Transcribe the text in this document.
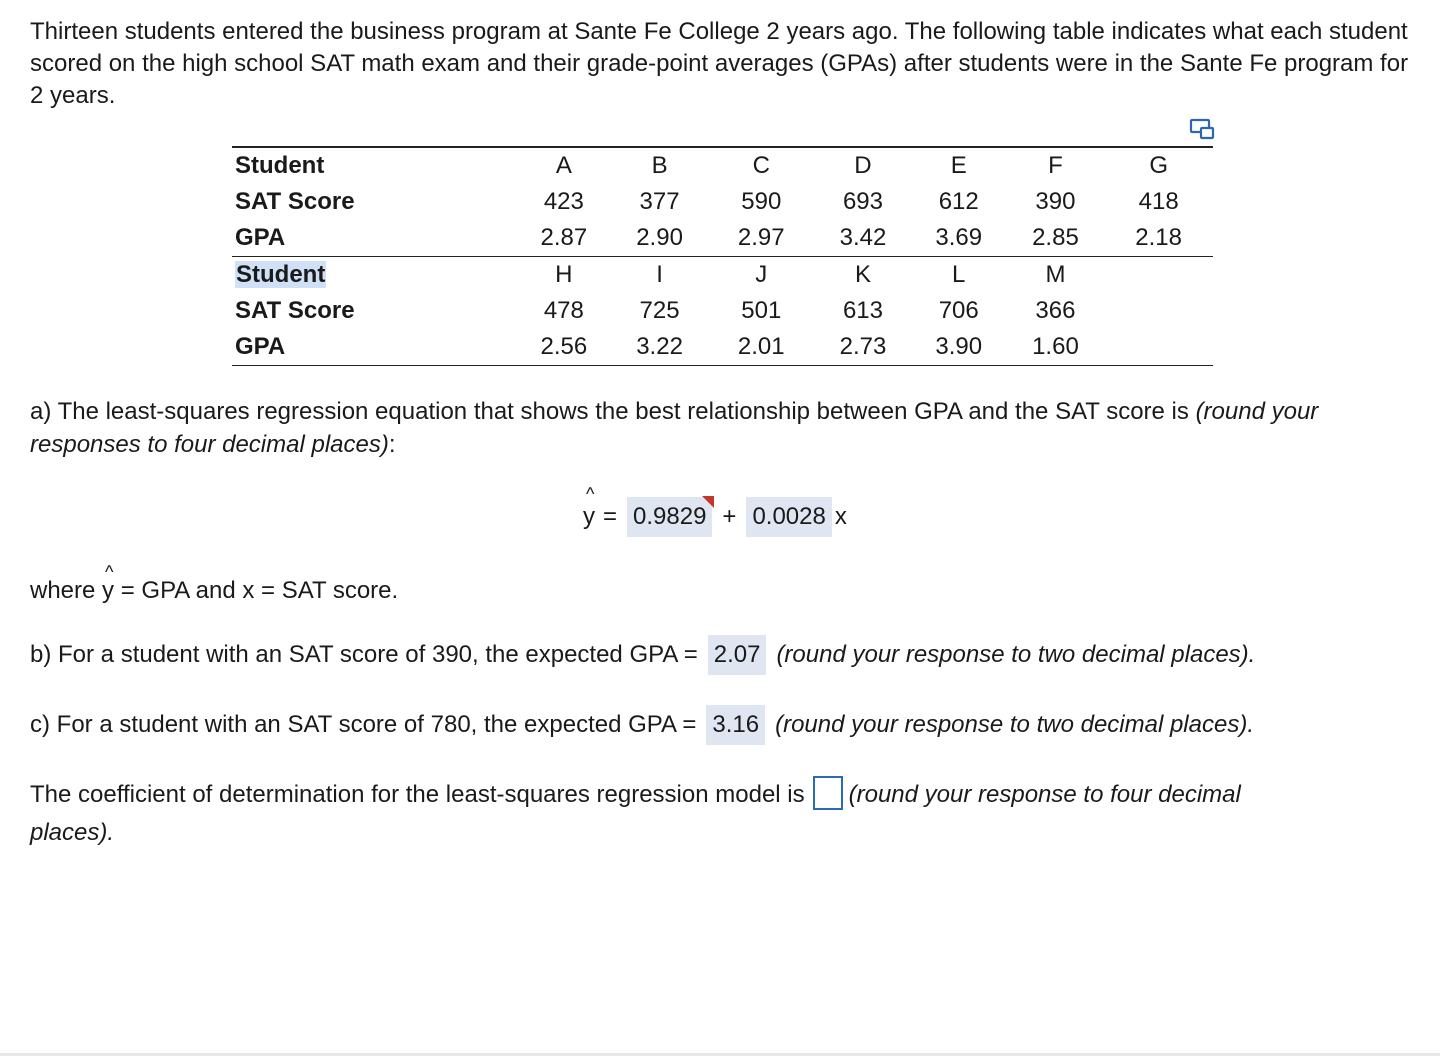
Thirteen students entered the business program at Sante Fe College 2 years ago. The following table indicates what each student scored on the high school SAT math exam and their grade-point averages (GPAs) after students were in the Sante Fe program for 2 years.

Student	A	B	C	D	E	F	G
SAT Score	423	377	590	693	612	390	418
GPA	2.87	2.90	2.97	3.42	3.69	2.85	2.18
Student	H	I	J	K	L	M	
SAT Score	478	725	501	613	706	366	
GPA	2.56	3.22	2.01	2.73	3.90	1.60	

a) The least-squares regression equation that shows the best relationship between GPA and the SAT score is (round your responses to four decimal places):

^
y = 0.9829 + 0.0028 x

where
^
y = GPA and x = SAT score.

b) For a student with an SAT score of 390, the expected GPA = 2.07 (round your response to two decimal places).

c) For a student with an SAT score of 780, the expected GPA = 3.16 (round your response to two decimal places).

The coefficient of determination for the least-squares regression model is (round your response to four decimal places).
